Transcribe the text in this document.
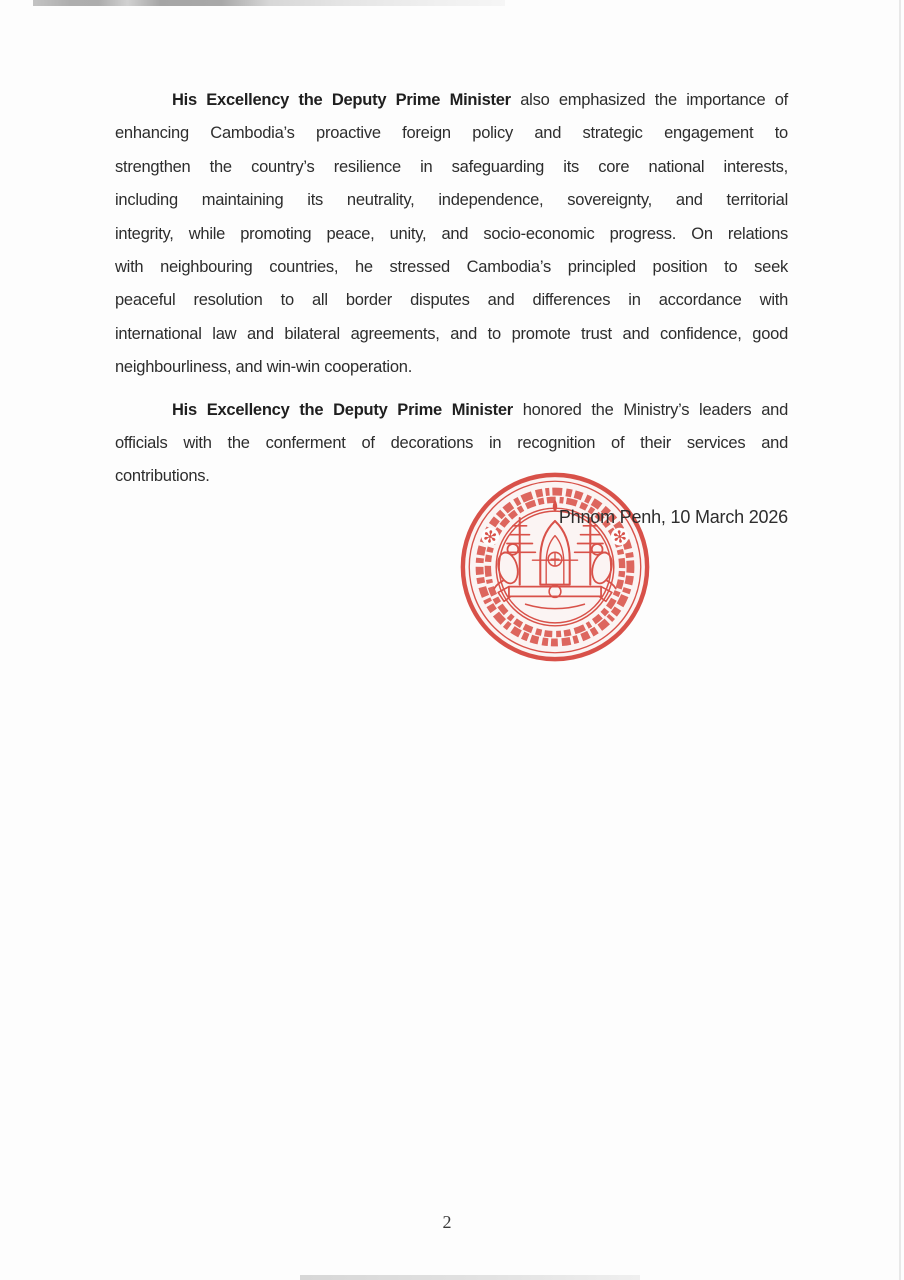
His Excellency the Deputy Prime Minister also emphasized the importance of
enhancing Cambodia’s proactive foreign policy and strategic engagement to
strengthen the country’s resilience in safeguarding its core national interests,
including maintaining its neutrality, independence, sovereignty, and territorial
integrity, while promoting peace, unity, and socio-economic progress. On relations
with neighbouring countries, he stressed Cambodia’s principled position to seek
peaceful resolution to all border disputes and differences in accordance with
international law and bilateral agreements, and to promote trust and confidence, good
neighbourliness, and win-win cooperation.
His Excellency the Deputy Prime Minister honored the Ministry’s leaders and
officials with the conferment of decorations in recognition of their services and
contributions.
Phnom Penh, 10 March 2026
✻	✻
2
